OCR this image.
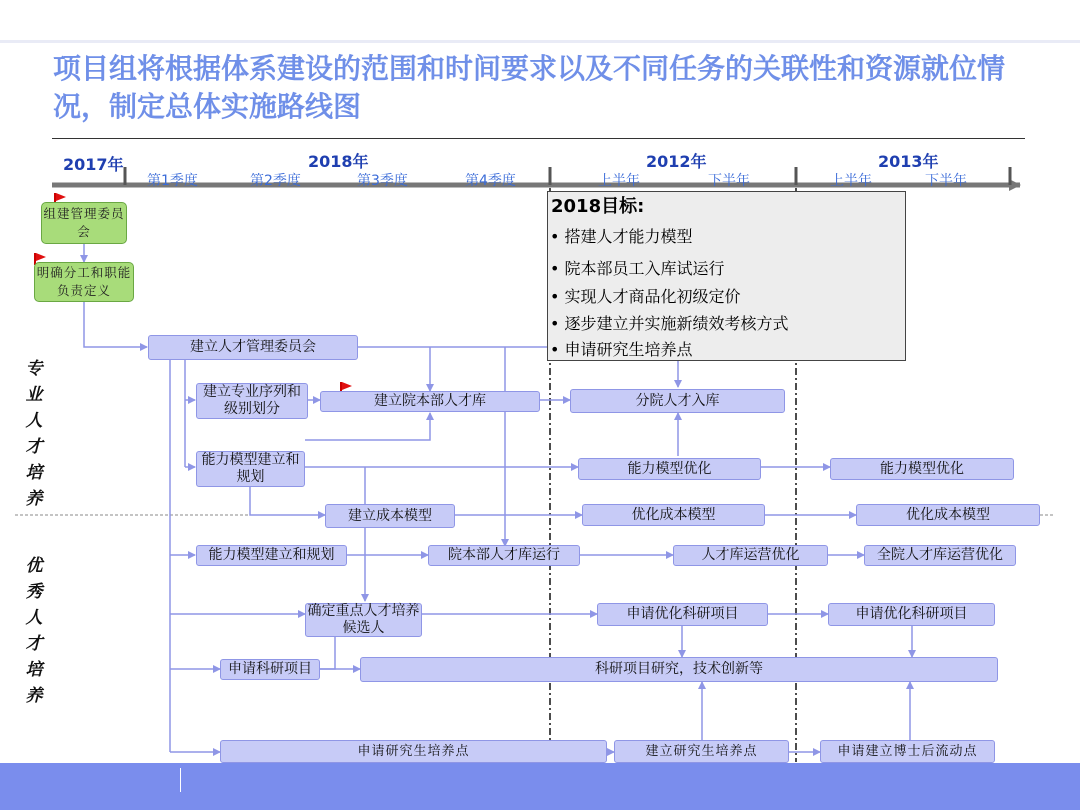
项目组将根据体系建设的范围和时间要求以及不同任务的关联性和资源就位情况，制定总体实施路线图
2017年	2018年	2012年	2013年
第1季度	第2季度	第3季度	第4季度	上半年	下半年	上半年	下半年
组建管理委员会
明确分工和职能负责定义
专业人才培养
优秀人才培养
建立人才管理委员会
建立专业序列和级别划分	建立院本部人才库	分院人才入库
能力模型建立和规划
能力模型优化	能力模型优化
建立成本模型	优化成本模型	优化成本模型
能力模型建立和规划	院本部人才库运行	人才库运营优化	全院人才库运营优化
确定重点人才培养候选人
申请优化科研项目	申请优化科研项目
申请科研项目	科研项目研究，技术创新等
申请研究生培养点	建立研究生培养点	申请建立博士后流动点
2018目标:
• 搭建人才能力模型
• 院本部员工入库试运行
• 实现人才商品化初级定价
• 逐步建立并实施新绩效考核方式
• 申请研究生培养点
